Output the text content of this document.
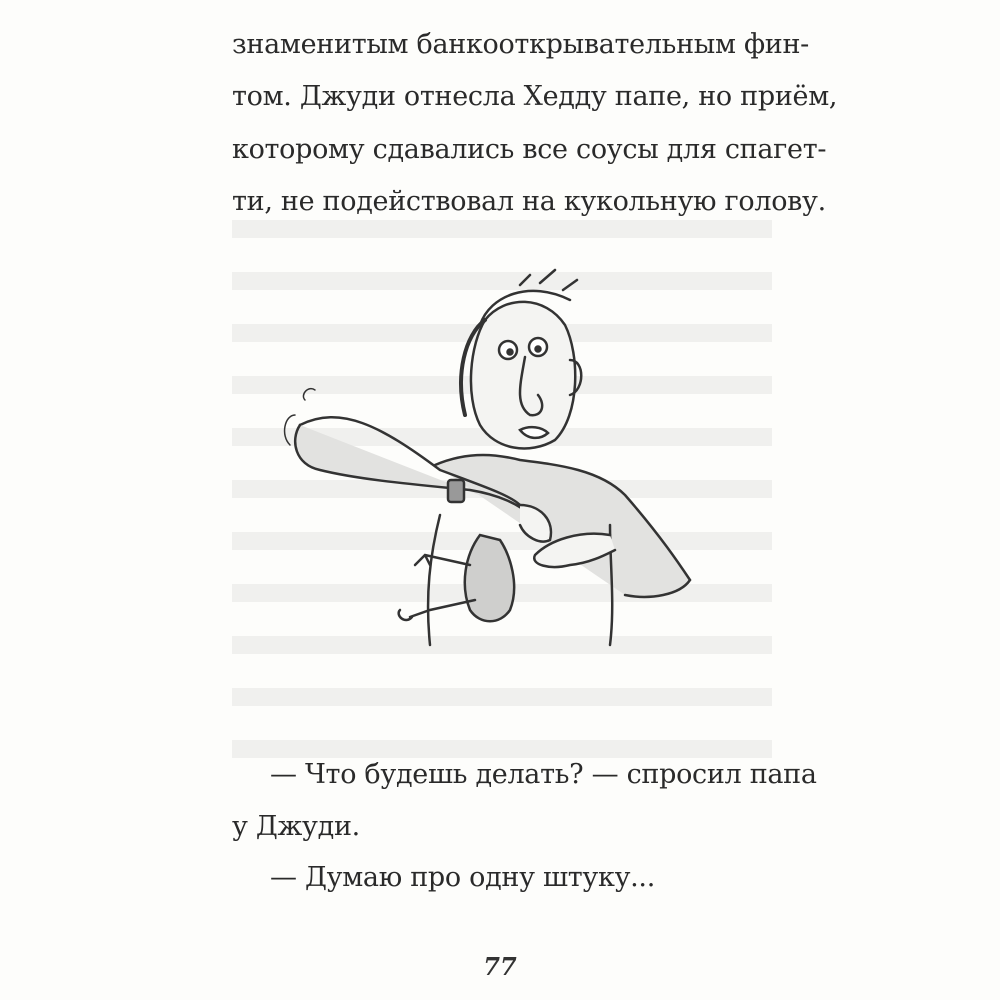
знаменитым банкооткрывательным фин-
том. Джуди отнесла Хедду папе, но приём,
которому сдавались все соусы для спагет-
ти, не подействовал на кукольную голову.
— Что будешь делать? — спросил папа
у Джуди.
— Думаю про одну штуку...
77
